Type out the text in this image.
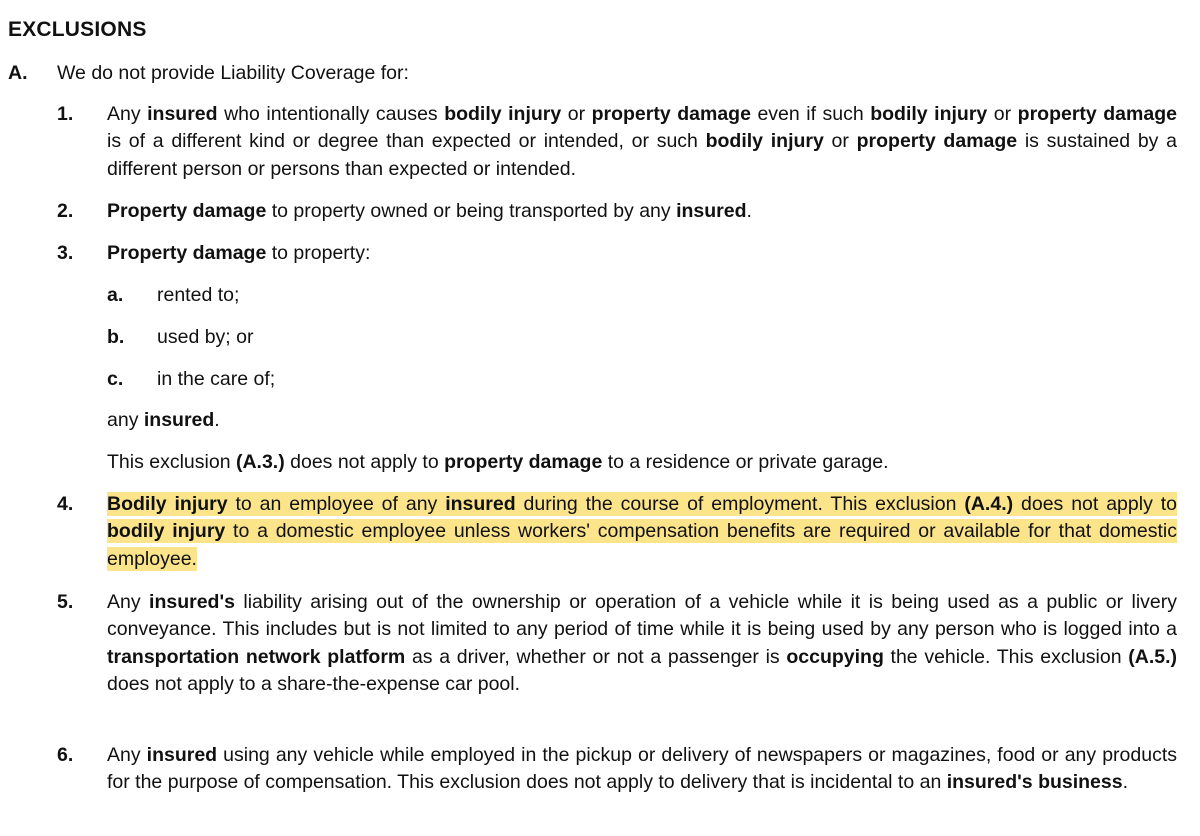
EXCLUSIONS
A. We do not provide Liability Coverage for:
1. Any insured who intentionally causes bodily injury or property damage even if such bodily injury or property damage is of a different kind or degree than expected or intended, or such bodily injury or property damage is sustained by a different person or persons than expected or intended.
2. Property damage to property owned or being transported by any insured.
3. Property damage to property:
a. rented to;
b. used by; or
c. in the care of;
any insured.
This exclusion (A.3.) does not apply to property damage to a residence or private garage.
4. Bodily injury to an employee of any insured during the course of employment. This exclusion (A.4.) does not apply to bodily injury to a domestic employee unless workers' compensation benefits are required or available for that domestic employee.
5. Any insured's liability arising out of the ownership or operation of a vehicle while it is being used as a public or livery conveyance. This includes but is not limited to any period of time while it is being used by any person who is logged into a transportation network platform as a driver, whether or not a passenger is occupying the vehicle. This exclusion (A.5.) does not apply to a share-the-expense car pool.
6. Any insured using any vehicle while employed in the pickup or delivery of newspapers or magazines, food or any products for the purpose of compensation. This exclusion does not apply to delivery that is incidental to an insured's business.
